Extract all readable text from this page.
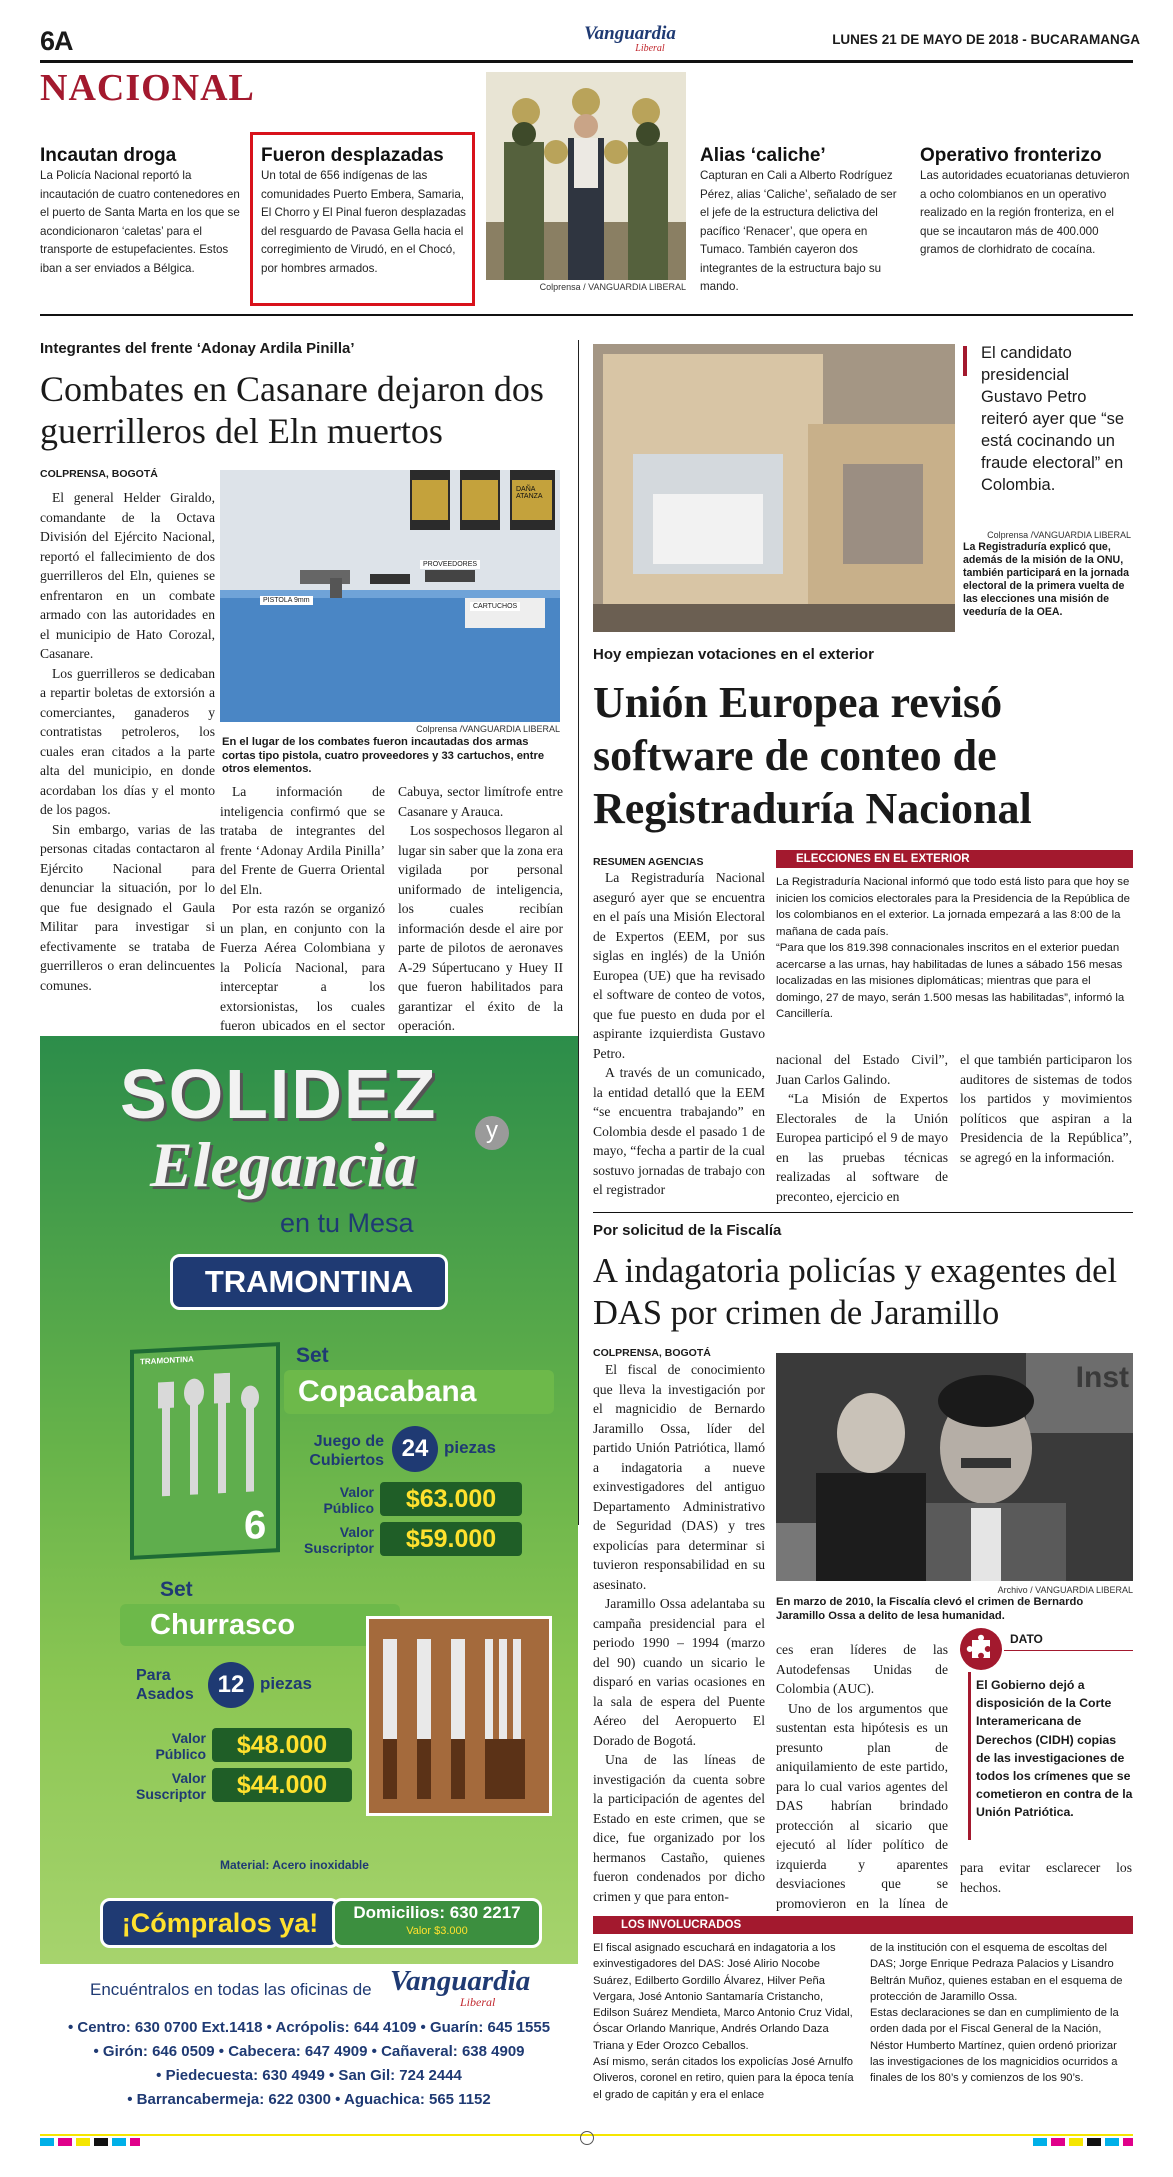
6A	Vanguardia
Liberal
LUNES 21 DE MAYO DE 2018 - BUCARAMANGA
NACIONAL
Incautan droga
La Policía Nacional reportó la incautación de cuatro contenedores en el puerto de Santa Marta en los que se acondicionaron ‘caletas’ para el transporte de estupefacientes. Estos iban a ser enviados a Bélgica.
Fueron desplazadas
Un total de 656 indígenas de las comunidades Puerto Embera, Samaria, El Chorro y El Pinal fueron desplazadas del resguardo de Pavasa Gella hacia el corregimiento de Virudó, en el Chocó, por hombres armados.
Colprensa / VANGUARDIA LIBERAL
Alias ‘caliche’
Capturan en Cali a Alberto Rodríguez Pérez, alias ‘Caliche’, señalado de ser el jefe de la estructura delictiva del pacífico ‘Renacer’, que opera en Tumaco. También cayeron dos integrantes de la estructura bajo su mando.
Operativo fronterizo
Las autoridades ecuatorianas detuvieron a ocho colombianos en un operativo realizado en la región fronteriza, en el que se incautaron más de 400.000 gramos de clorhidrato de cocaína.
Integrantes del frente ‘Adonay Ardila Pinilla’
Combates en Casanare dejaron dos guerrilleros del Eln muertos
COLPRENSA, BOGOTÁ

El general Helder Giraldo, comandante de la Octava División del Ejército Nacional, reportó el fallecimiento de dos guerrilleros del Eln, quienes se enfrentaron en un combate armado con las autoridades en el municipio de Hato Corozal, Casanare.

Los guerrilleros se dedicaban a repartir boletas de extorsión a comerciantes, ganaderos y contratistas petroleros, los cuales eran citados a la parte alta del municipio, en donde acordaban los días y el monto de los pagos.

Sin embargo, varias de las personas citadas contactaron al Ejército Nacional para denunciar la situación, por lo que fue designado el Gaula Militar para investigar si efectivamente se trataba de guerrilleros o eran delincuentes comunes.

PISTOLA 9mm
PROVEEDORES
CARTUCHOS
DAÑA ATANZA
Colprensa /VANGUARDIA LIBERAL
En el lugar de los combates fueron incautadas dos armas cortas tipo pistola, cuatro proveedores y 33 cartuchos, entre otros elementos.

La información de inteligencia confirmó que se trataba de integrantes del frente ‘Adonay Ardila Pinilla’ del Frente de Guerra Oriental del Eln.

Por esta razón se organizó un plan, en conjunto con la Fuerza Aérea Colombiana y la Policía Nacional, para interceptar a los extorsionistas, los cuales fueron ubicados en el sector

Cabuya, sector limítrofe entre Casanare y Arauca.

Los sospechosos llegaron al lugar sin saber que la zona era vigilada por personal uniformado de inteligencia, los cuales recibían información desde el aire por parte de pilotos de aeronaves A-29 Súpertucano y Huey II que fueron habilitados para garantizar el éxito de la operación.

El candidato presidencial Gustavo Petro reiteró ayer que “se está cocinando un fraude electoral” en Colombia.
Colprensa /VANGUARDIA LIBERAL
La Registraduría explicó que, además de la misión de la ONU, también participará en la jornada electoral de la primera vuelta de las elecciones una misión de veeduría de la OEA.
Hoy empiezan votaciones en el exterior
Unión Europea revisó software de conteo de Registraduría Nacional
RESUMEN AGENCIAS

La Registraduría Nacional aseguró ayer que se encuentra en el país una Misión Electoral de Expertos (EEM, por sus siglas en inglés) de la Unión Europea (UE) que ha revisado el software de conteo de votos, que fue puesto en duda por el aspirante izquierdista Gustavo Petro.

A través de un comunicado, la entidad detalló que la EEM “se encuentra trabajando” en Colombia desde el pasado 1 de mayo, “fecha a partir de la cual sostuvo jornadas de trabajo con el registrador

ELECCIONES EN EL EXTERIOR

La Registraduría Nacional informó que todo está listo para que hoy se inicien los comicios electorales para la Presidencia de la República de los colombianos en el exterior. La jornada empezará a las 8:00 de la mañana de cada país.

“Para que los 819.398 connacionales inscritos en el exterior puedan acercarse a las urnas, hay habilitadas de lunes a sábado 156 mesas localizadas en las misiones diplomáticas; mientras que para el domingo, 27 de mayo, serán 1.500 mesas las habilitadas”, informó la Cancillería.

nacional del Estado Civil”, Juan Carlos Galindo.

“La Misión de Expertos Electorales de la Unión Europea participó el 9 de mayo en las pruebas técnicas realizadas al software de preconteo, ejercicio en

el que también participaron los auditores de sistemas de todos los partidos y movimientos políticos que aspiran a la Presidencia de la República”, se agregó en la información.

Por solicitud de la Fiscalía
A indagatoria policías y exagentes del DAS por crimen de Jaramillo
COLPRENSA, BOGOTÁ

El fiscal de conocimiento que lleva la investigación por el magnicidio de Bernardo Jaramillo Ossa, líder del partido Unión Patriótica, llamó a indagatoria a nueve exinvestigadores del antiguo Departamento Administrativo de Seguridad (DAS) y tres expolicías para determinar si tuvieron responsabilidad en su asesinato.

Jaramillo Ossa adelantaba su campaña presidencial para el periodo 1990 – 1994 (marzo del 90) cuando un sicario le disparó en varias ocasiones en la sala de espera del Puente Aéreo del Aeropuerto El Dorado de Bogotá.

Una de las líneas de investigación da cuenta sobre la participación de agentes del Estado en este crimen, que se dice, fue organizado por los hermanos Castaño, quienes fueron condenados por dicho crimen y que para enton-

Inst
Archivo / VANGUARDIA LIBERAL
En marzo de 2010, la Fiscalía clevó el crimen de Bernardo Jaramillo Ossa a delito de lesa humanidad.

ces eran líderes de las Autodefensas Unidas de Colombia (AUC).

Uno de los argumentos que sustentan esta hipótesis es un presunto plan de aniquilamiento de este partido, para lo cual varios agentes del DAS habrían brindado protección al sicario que ejecutó al líder político de izquierda y aparentes desviaciones que se promovieron en la línea de

DATO
El Gobierno dejó a disposición de la Corte Interamericana de Derechos (CIDH) copias de las investigaciones de todos los crímenes que se cometieron en contra de la Unión Patriótica.

para evitar esclarecer los hechos.

LOS INVOLUCRADOS

El fiscal asignado escuchará en indagatoria a los exinvestigadores del DAS: José Alirio Nocobe Suárez, Edilberto Gordillo Álvarez, Hilver Peña Vergara, José Antonio Santamaría Cristancho, Edilson Suárez Mendieta, Marco Antonio Cruz Vidal, Óscar Orlando Manrique, Andrés Orlando Daza Triana y Eder Orozco Ceballos.

Así mismo, serán citados los expolicías José Arnulfo Oliveros, coronel en retiro, quien para la época tenía el grado de capitán y era el enlace

de la institución con el esquema de escoltas del DAS; Jorge Enrique Pedraza Palacios y Lisandro Beltrán Muñoz, quienes estaban en el esquema de protección de Jaramillo Ossa.

Estas declaraciones se dan en cumplimiento de la orden dada por el Fiscal General de la Nación, Néstor Humberto Martínez, quien ordenó priorizar las investigaciones de los magnicidios ocurridos a finales de los 80’s y comienzos de los 90’s.

SOLIDEZ	y
Elegancia
en tu Mesa
TRAMONTINA
TRAMONTINA
6
Set
Copacabana
Juego de Cubiertos 24 piezas
Valor Público	$63.000
Valor Suscriptor	$59.000
Set
Churrasco
Para Asados 12 piezas
Valor Público	$48.000
Valor Suscriptor	$44.000
Material: Acero inoxidable
¡Cómpralos ya!	Domicilios: 630 2217
Valor $3.000
Encuéntralos en todas las oficinas de Vanguardia
Liberal
• Centro: 630 0700 Ext.1418 • Acrópolis: 644 4109 • Guarín: 645 1555
• Girón: 646 0509 • Cabecera: 647 4909 • Cañaveral: 638 4909
• Piedecuesta: 630 4949 • San Gil: 724 2444
• Barrancabermeja: 622 0300 • Aguachica: 565 1152
